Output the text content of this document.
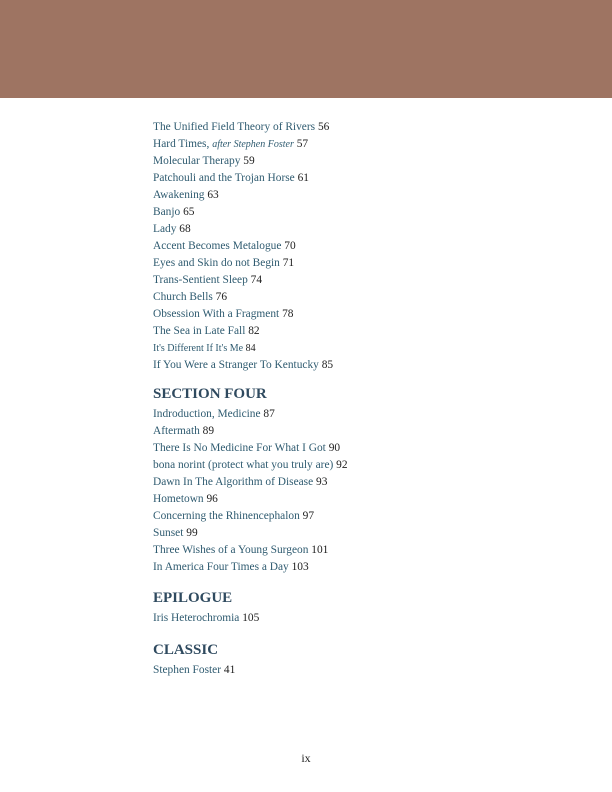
The Unified Field Theory of Rivers 56
Hard Times, after Stephen Foster 57
Molecular Therapy 59
Patchouli and the Trojan Horse 61
Awakening 63
Banjo 65
Lady 68
Accent Becomes Metalogue 70
Eyes and Skin do not Begin 71
Trans-Sentient Sleep 74
Church Bells 76
Obsession With a Fragment 78
The Sea in Late Fall 82
It's Different If It's Me 84
If You Were a Stranger To Kentucky 85
SECTION FOUR
Indroduction, Medicine 87
Aftermath 89
There Is No Medicine For What I Got 90
bona norint (protect what you truly are) 92
Dawn In The Algorithm of Disease 93
Hometown 96
Concerning the Rhinencephalon 97
Sunset 99
Three Wishes of a Young Surgeon 101
In America Four Times a Day 103
EPILOGUE
Iris Heterochromia 105
CLASSIC
Stephen Foster 41
ix
